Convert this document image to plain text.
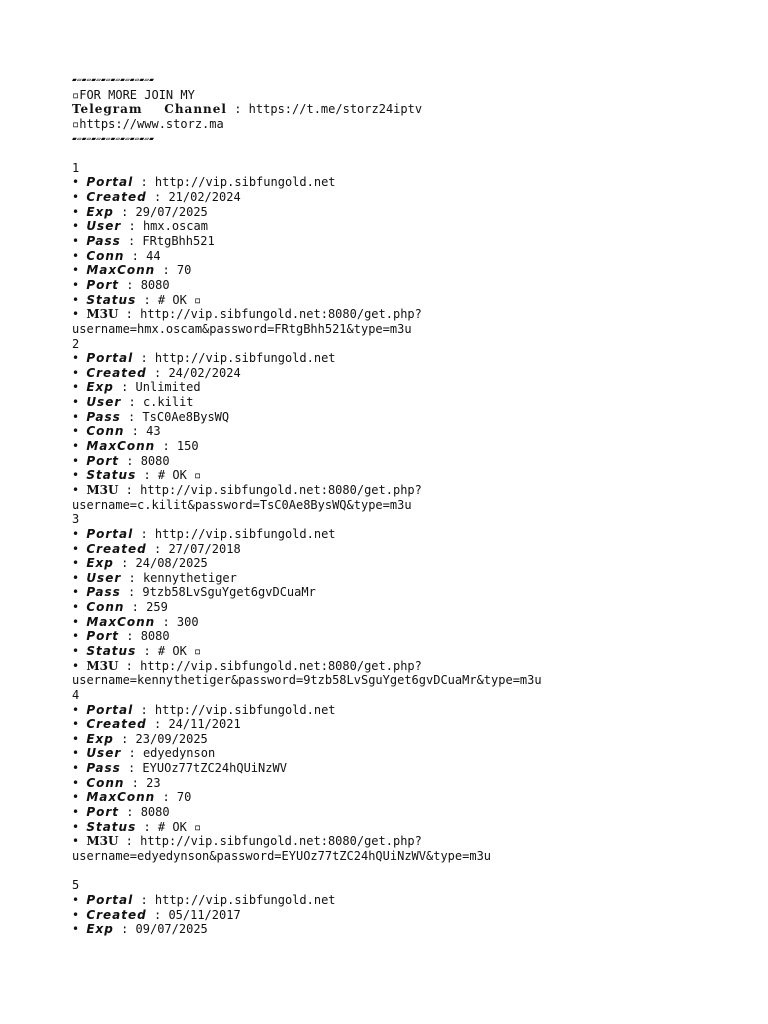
▰▱▰▱▰▱▰▱▰▱▰▱▰▱▰▱▰
▫FOR MORE JOIN MY
Telegram Channel : https://t.me/storz24iptv
▫https://www.storz.ma
▰▱▰▱▰▱▰▱▰▱▰▱▰▱▰▱▰
1
• Portal : http://vip.sibfungold.net
• Created : 21/02/2024
• Exp : 29/07/2025
• User : hmx.oscam
• Pass : FRtgBhh521
• Conn : 44
• MaxConn : 70
• Port : 8080
• Status : # OK ▫
• M3U : http://vip.sibfungold.net:8080/get.php?
username=hmx.oscam&password=FRtgBhh521&type=m3u
2
• Portal : http://vip.sibfungold.net
• Created : 24/02/2024
• Exp : Unlimited
• User : c.kilit
• Pass : TsC0Ae8BysWQ
• Conn : 43
• MaxConn : 150
• Port : 8080
• Status : # OK ▫
• M3U : http://vip.sibfungold.net:8080/get.php?
username=c.kilit&password=TsC0Ae8BysWQ&type=m3u
3
• Portal : http://vip.sibfungold.net
• Created : 27/07/2018
• Exp : 24/08/2025
• User : kennythetiger
• Pass : 9tzb58LvSguYget6gvDCuaMr
• Conn : 259
• MaxConn : 300
• Port : 8080
• Status : # OK ▫
• M3U : http://vip.sibfungold.net:8080/get.php?
username=kennythetiger&password=9tzb58LvSguYget6gvDCuaMr&type=m3u
4
• Portal : http://vip.sibfungold.net
• Created : 24/11/2021
• Exp : 23/09/2025
• User : edyedynson
• Pass : EYUOz77tZC24hQUiNzWV
• Conn : 23
• MaxConn : 70
• Port : 8080
• Status : # OK ▫
• M3U : http://vip.sibfungold.net:8080/get.php?
username=edyedynson&password=EYUOz77tZC24hQUiNzWV&type=m3u
5
• Portal : http://vip.sibfungold.net
• Created : 05/11/2017
• Exp : 09/07/2025
